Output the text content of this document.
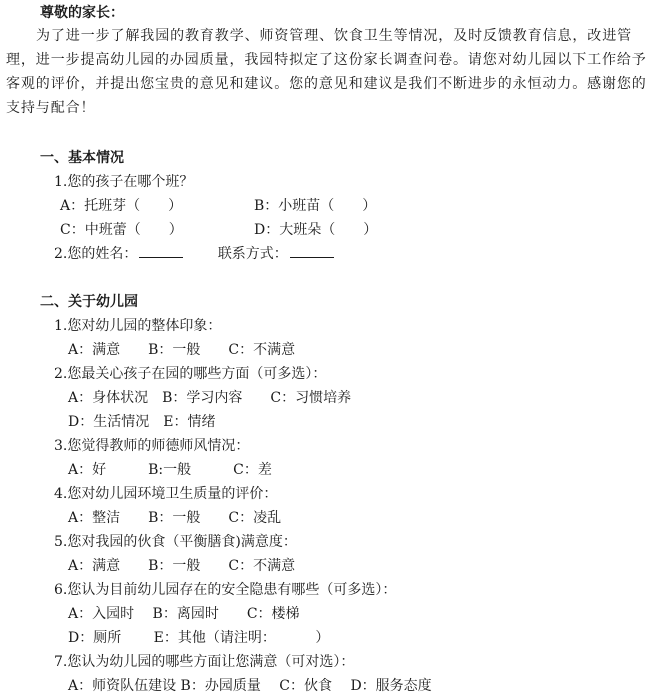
尊敬的家长：

为了进一步了解我园的教育教学、师资管理、饮食卫生等情况，及时反馈教育信息，改进管理，进一步提高幼儿园的办园质量，我园特拟定了这份家长调查问卷。请您对幼儿园以下工作给予客观的评价，并提出您宝贵的意见和建议。您的意见和建议是我们不断进步的永恒动力。感谢您的支持与配合！

一、基本情况
1.您的孩子在哪个班？
A：托班芽（　　）	B：小班苗（　　）
C：中班蕾（　　）	D：大班朵（　　）
2.您的姓名：	联系方式：
二、关于幼儿园
1.您对幼儿园的整体印象：
A：满意　　B：一般　　C：不满意
2.您最关心孩子在园的哪些方面（可多选）：
A：身体状况　B：学习内容　　C：习惯培养
D：生活情况　E：情绪
3.您觉得教师的师德师风情况：
A：好　　　B:一般　　　C：差
4.您对幼儿园环境卫生质量的评价：
A：整洁　　B：一般　　C：凌乱
5.您对我园的伙食（平衡膳食)满意度：
A：满意　　B：一般　　C：不满意
6.您认为目前幼儿园存在的安全隐患有哪些（可多选）：
A：入园时　 B：离园时　　C：楼梯
D：厕所　　 E：其他（请注明：　　　 ）
7.您认为幼儿园的哪些方面让您满意（可对选）：
A：师资队伍建设 B：办园质量　 C：伙食　 D：服务态度
